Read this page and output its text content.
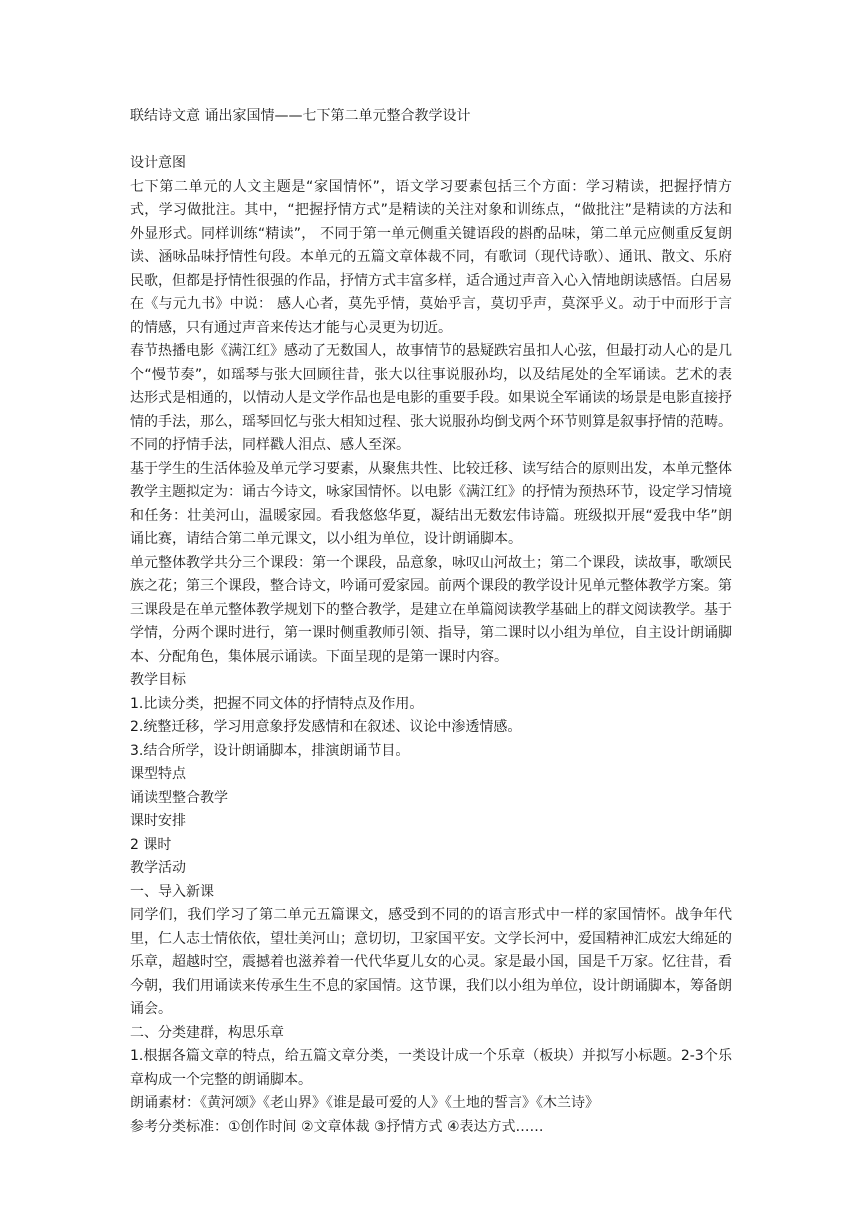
联结诗文意 诵出家国情——七下第二单元整合教学设计

设计意图

七下第二单元的人文主题是“家国情怀”，语文学习要素包括三个方面：学习精读，把握抒情方式，学习做批注。其中，“把握抒情方式”是精读的关注对象和训练点，“做批注”是精读的方法和外显形式。同样训练“精读”， 不同于第一单元侧重关键语段的斟酌品味，第二单元应侧重反复朗读、涵咏品味抒情性句段。本单元的五篇文章体裁不同，有歌词（现代诗歌）、通讯、散文、乐府民歌，但都是抒情性很强的作品，抒情方式丰富多样，适合通过声音入心入情地朗读感悟。白居易在《与元九书》中说： 感人心者，莫先乎情，莫始乎言，莫切乎声，莫深乎义。动于中而形于言的情感，只有通过声音来传达才能与心灵更为切近。

春节热播电影《满江红》感动了无数国人，故事情节的悬疑跌宕虽扣人心弦，但最打动人心的是几个“慢节奏”，如瑶琴与张大回顾往昔，张大以往事说服孙均，以及结尾处的全军诵读。艺术的表达形式是相通的，以情动人是文学作品也是电影的重要手段。如果说全军诵读的场景是电影直接抒情的手法，那么，瑶琴回忆与张大相知过程、张大说服孙均倒戈两个环节则算是叙事抒情的范畴。不同的抒情手法，同样戳人泪点、感人至深。

基于学生的生活体验及单元学习要素，从聚焦共性、比较迁移、读写结合的原则出发，本单元整体教学主题拟定为：诵古今诗文，咏家国情怀。以电影《满江红》的抒情为预热环节，设定学习情境和任务：壮美河山，温暖家园。看我悠悠华夏，凝结出无数宏伟诗篇。班级拟开展“爱我中华”朗诵比赛，请结合第二单元课文，以小组为单位，设计朗诵脚本。

单元整体教学共分三个课段：第一个课段，品意象，咏叹山河故土；第二个课段，读故事，歌颂民族之花；第三个课段，整合诗文，吟诵可爱家园。前两个课段的教学设计见单元整体教学方案。第三课段是在单元整体教学规划下的整合教学，是建立在单篇阅读教学基础上的群文阅读教学。基于学情，分两个课时进行，第一课时侧重教师引领、指导，第二课时以小组为单位，自主设计朗诵脚本、分配角色，集体展示诵读。下面呈现的是第一课时内容。

教学目标

1.比读分类，把握不同文体的抒情特点及作用。

2.统整迁移，学习用意象抒发感情和在叙述、议论中渗透情感。

3.结合所学，设计朗诵脚本，排演朗诵节目。

课型特点

诵读型整合教学

课时安排

2 课时

教学活动

一、导入新课

同学们，我们学习了第二单元五篇课文，感受到不同的的语言形式中一样的家国情怀。战争年代里，仁人志士情依依，望壮美河山；意切切，卫家国平安。文学长河中，爱国精神汇成宏大绵延的乐章，超越时空，震撼着也滋养着一代代华夏儿女的心灵。家是最小国，国是千万家。忆往昔，看今朝，我们用诵读来传承生生不息的家国情。这节课，我们以小组为单位，设计朗诵脚本，筹备朗诵会。

二、分类建群，构思乐章

1.根据各篇文章的特点，给五篇文章分类，一类设计成一个乐章（板块）并拟写小标题。2-3个乐章构成一个完整的朗诵脚本。

朗诵素材：《黄河颂》《老山界》《谁是最可爱的人》《土地的誓言》《木兰诗》

参考分类标准：①创作时间 ②文章体裁 ③抒情方式 ④表达方式……
